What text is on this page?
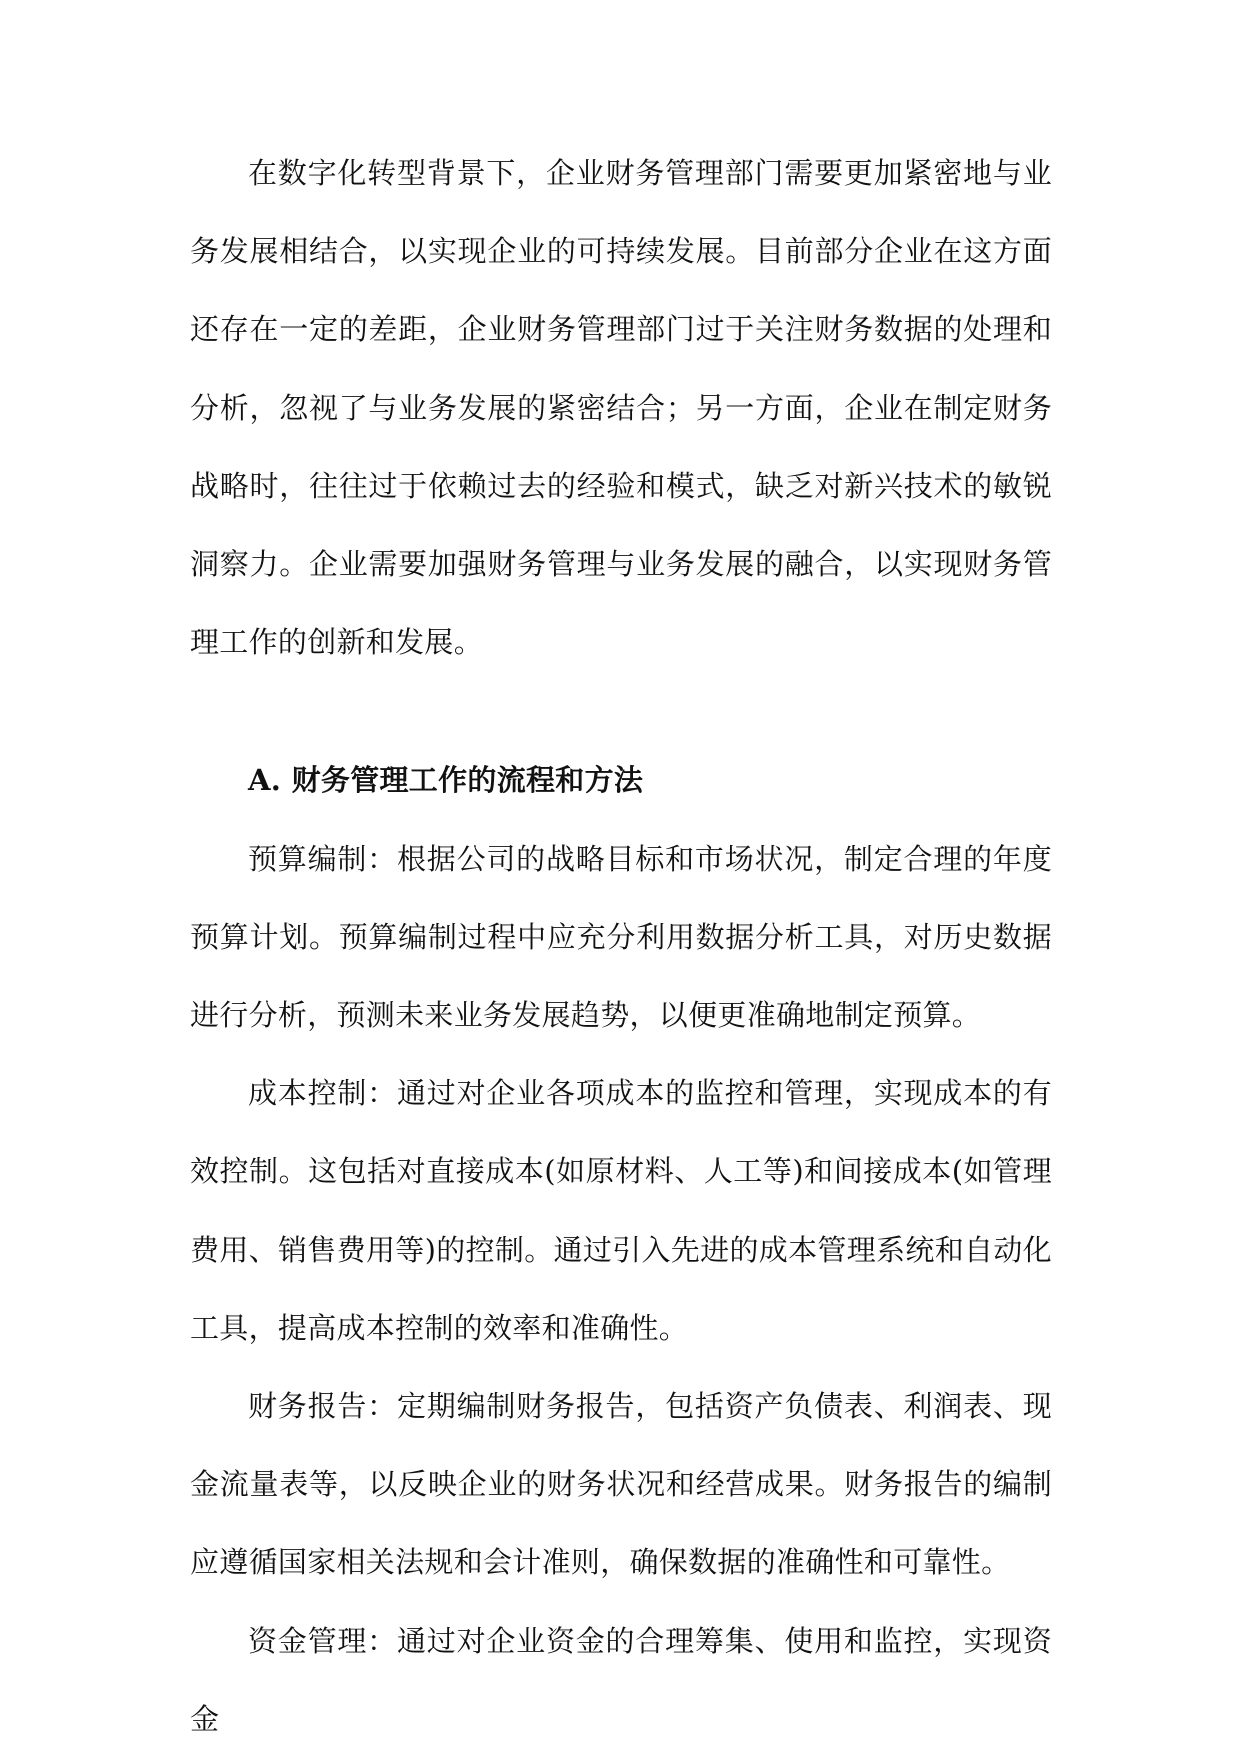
在数字化转型背景下，企业财务管理部门需要更加紧密地与业务发展相结合，以实现企业的可持续发展。目前部分企业在这方面还存在一定的差距，企业财务管理部门过于关注财务数据的处理和分析，忽视了与业务发展的紧密结合；另一方面，企业在制定财务战略时，往往过于依赖过去的经验和模式，缺乏对新兴技术的敏锐洞察力。企业需要加强财务管理与业务发展的融合，以实现财务管理工作的创新和发展。

A. 财务管理工作的流程和方法

预算编制：根据公司的战略目标和市场状况，制定合理的年度预算计划。预算编制过程中应充分利用数据分析工具，对历史数据进行分析，预测未来业务发展趋势，以便更准确地制定预算。

成本控制：通过对企业各项成本的监控和管理，实现成本的有效控制。这包括对直接成本(如原材料、人工等)和间接成本(如管理费用、销售费用等)的控制。通过引入先进的成本管理系统和自动化工具，提高成本控制的效率和准确性。

财务报告：定期编制财务报告，包括资产负债表、利润表、现金流量表等，以反映企业的财务状况和经营成果。财务报告的编制应遵循国家相关法规和会计准则，确保数据的准确性和可靠性。

资金管理：通过对企业资金的合理筹集、使用和监控，实现资金
